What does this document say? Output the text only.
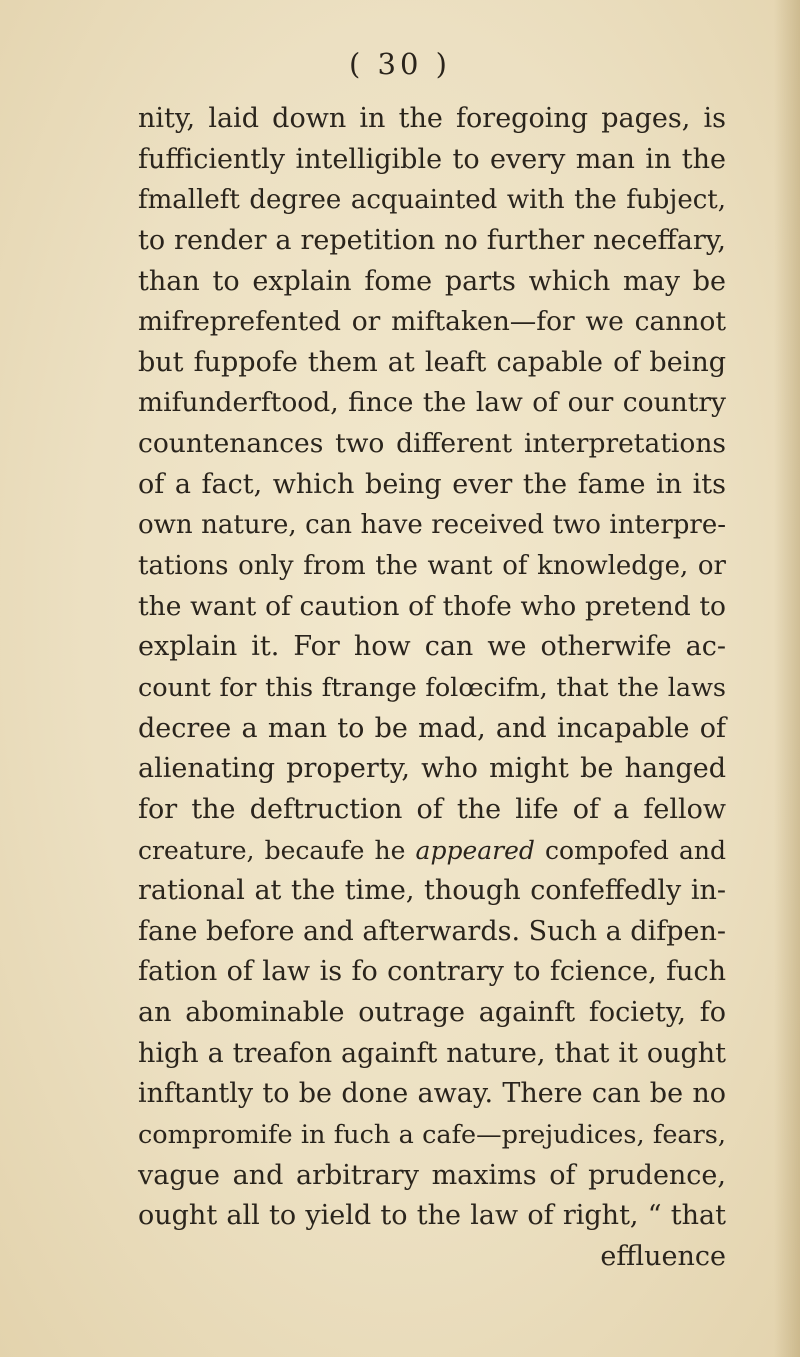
( 30 )
nity, laid down in the foregoing pages, is
fufficiently intelligible to every man in the
fmalleft degree acquainted with the fubject,
to render a repetition no further neceffary,
than to explain fome parts which may be
mifreprefented or miftaken—for we cannot
but fuppofe them at leaft capable of being
mifunderftood, fince the law of our country
countenances two different interpretations
of a fact, which being ever the fame in its
own nature, can have received two interpre-
tations only from the want of knowledge, or
the want of caution of thofe who pretend to
explain it. For how can we otherwife ac-
count for this ftrange folœcifm, that the laws
decree a man to be mad, and incapable of
alienating property, who might be hanged
for the deftruction of the life of a fellow
creature, becaufe he appeared compofed and
rational at the time, though confeffedly in-
fane before and afterwards. Such a difpen-
fation of law is fo contrary to fcience, fuch
an abominable outrage againft fociety, fo
high a treafon againft nature, that it ought
inftantly to be done away. There can be no
compromife in fuch a cafe—prejudices, fears,
vague and arbitrary maxims of prudence,
ought all to yield to the law of right, “ that
effluence
